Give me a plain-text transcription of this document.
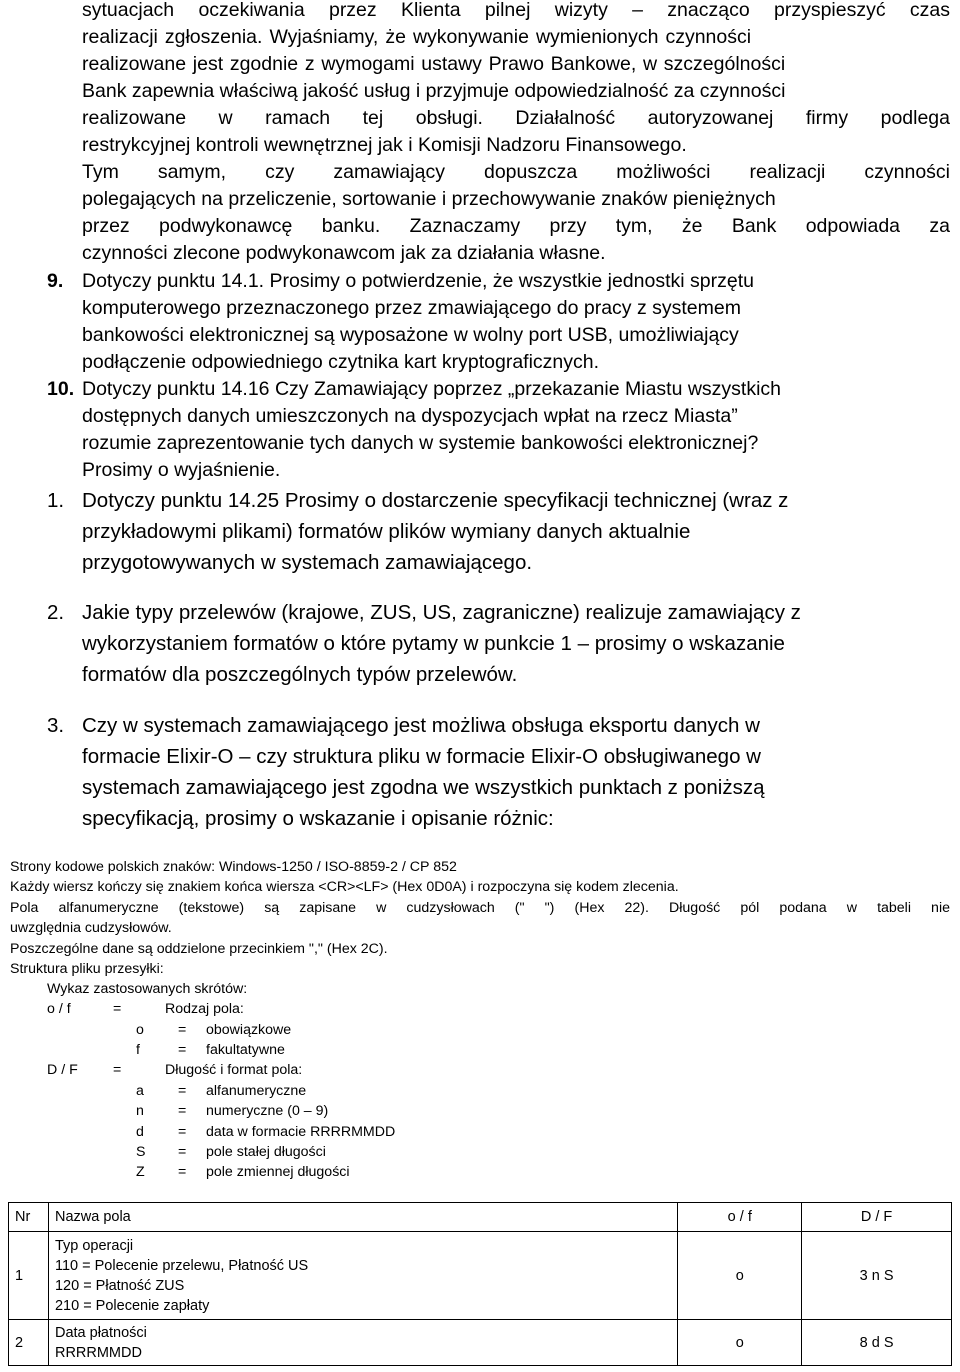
sytuacjach oczekiwania przez Klienta pilnej wizyty – znacząco przyspieszyć czas
realizacji zgłoszenia. Wyjaśniamy, że wykonywanie wymienionych czynności
realizowane jest zgodnie z wymogami ustawy Prawo Bankowe, w szczególności
Bank zapewnia właściwą jakość usług i przyjmuje odpowiedzialność za czynności
realizowane w ramach tej obsługi. Działalność autoryzowanej firmy podlega
restrykcyjnej kontroli wewnętrznej jak i Komisji Nadzoru Finansowego.
Tym samym, czy zamawiający dopuszcza możliwości realizacji czynności
polegających na przeliczenie, sortowanie i przechowywanie znaków pieniężnych
przez podwykonawcę banku. Zaznaczamy przy tym, że Bank odpowiada za
czynności zlecone podwykonawcom jak za działania własne.
9. Dotyczy punktu 14.1. Prosimy o potwierdzenie, że wszystkie jednostki sprzętu
komputerowego przeznaczonego przez zmawiającego do pracy z systemem
bankowości elektronicznej są wyposażone w wolny port USB, umożliwiający
podłączenie odpowiedniego czytnika kart kryptograficznych.
10. Dotyczy punktu 14.16 Czy Zamawiający poprzez „przekazanie Miastu wszystkich
dostępnych danych umieszczonych na dyspozycjach wpłat na rzecz Miasta”
rozumie zaprezentowanie tych danych w systemie bankowości elektronicznej?
Prosimy o wyjaśnienie.
1. Dotyczy punktu 14.25 Prosimy o dostarczenie specyfikacji technicznej (wraz z
przykładowymi plikami) formatów plików wymiany danych aktualnie
przygotowywanych w systemach zamawiającego.
2. Jakie typy przelewów (krajowe, ZUS, US, zagraniczne) realizuje zamawiający z
wykorzystaniem formatów o które pytamy w punkcie 1 – prosimy o wskazanie
formatów dla poszczególnych typów przelewów.
3. Czy w systemach zamawiającego jest możliwa obsługa eksportu danych w
formacie Elixir-O – czy struktura pliku w formacie Elixir-O obsługiwanego w
systemach zamawiającego jest zgodna we wszystkich punktach z poniższą
specyfikacją, prosimy o wskazanie i opisanie różnic:
Strony kodowe polskich znaków: Windows-1250 / ISO-8859-2 / CP 852
Każdy wiersz kończy się znakiem końca wiersza <CR><LF> (Hex 0D0A) i rozpoczyna się kodem zlecenia.
Pola alfanumeryczne (tekstowe) są zapisane w cudzysłowach (" ") (Hex 22). Długość pól podana w tabeli nie
uwzględnia cudzysłowów.
Poszczególne dane są oddzielone przecinkiem "," (Hex 2C).
Struktura pliku przesyłki:
Wykaz zastosowanych skrótów:
o / f	=	Rodzaj pola:
o = obowiązkowe
f	= fakultatywne
D / F =	Długość i format pola:
a = alfanumeryczne
n = numeryczne (0 – 9)
d = data w formacie RRRRMMDD
S = pole stałej długości
Z = pole zmiennej długości
Nr	Nazwa pola	o / f	D / F
1	Typ operacji
110 = Polecenie przelewu, Płatność US
120 = Płatność ZUS
210 = Polecenie zapłaty	o	3 n S
2	Data płatności
RRRRMMDD	o	8 d S
